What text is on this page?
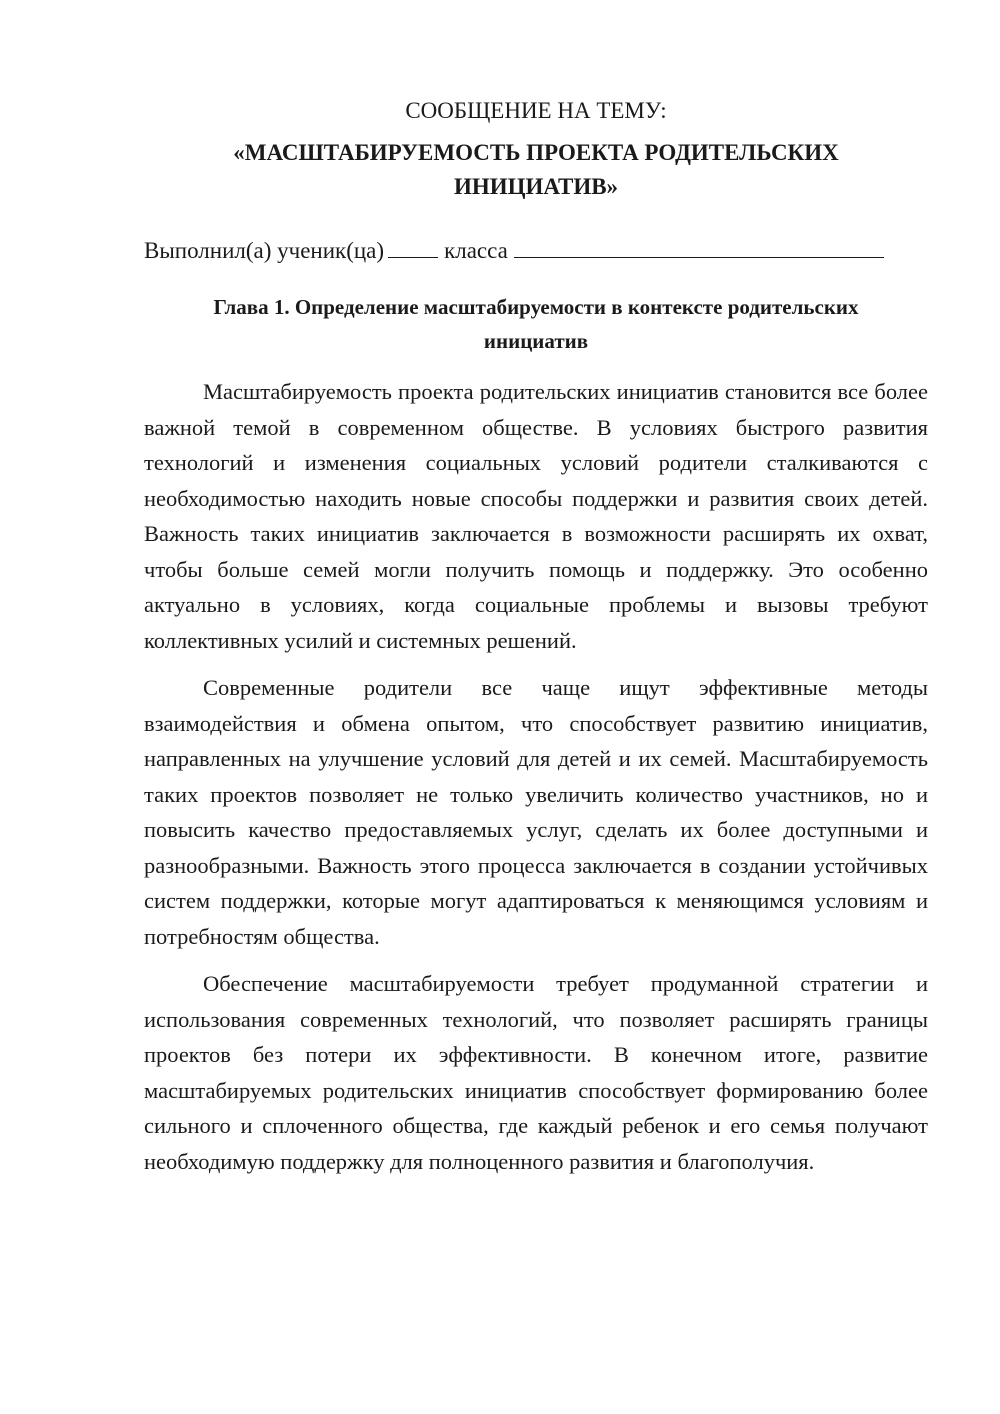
СООБЩЕНИЕ НА ТЕМУ:
«МАСШТАБИРУЕМОСТЬ ПРОЕКТА РОДИТЕЛЬСКИХ ИНИЦИАТИВ»
Выполнил(а) ученик(ца)	класса
Глава 1. Определение масштабируемости в контексте родительских инициатив

Масштабируемость проекта родительских инициатив становится все более важной темой в современном обществе. В условиях быстрого развития технологий и изменения социальных условий родители сталкиваются с необходимостью находить новые способы поддержки и развития своих детей. Важность таких инициатив заключается в возможности расширять их охват, чтобы больше семей могли получить помощь и поддержку. Это особенно актуально в условиях, когда социальные проблемы и вызовы требуют коллективных усилий и системных решений.

Современные родители все чаще ищут эффективные методы взаимодействия и обмена опытом, что способствует развитию инициатив, направленных на улучшение условий для детей и их семей. Масштабируемость таких проектов позволяет не только увеличить количество участников, но и повысить качество предоставляемых услуг, сделать их более доступными и разнообразными. Важность этого процесса заключается в создании устойчивых систем поддержки, которые могут адаптироваться к меняющимся условиям и потребностям общества.

Обеспечение масштабируемости требует продуманной стратегии и использования современных технологий, что позволяет расширять границы проектов без потери их эффективности. В конечном итоге, развитие масштабируемых родительских инициатив способствует формированию более сильного и сплоченного общества, где каждый ребенок и его семья получают необходимую поддержку для полноценного развития и благополучия.
